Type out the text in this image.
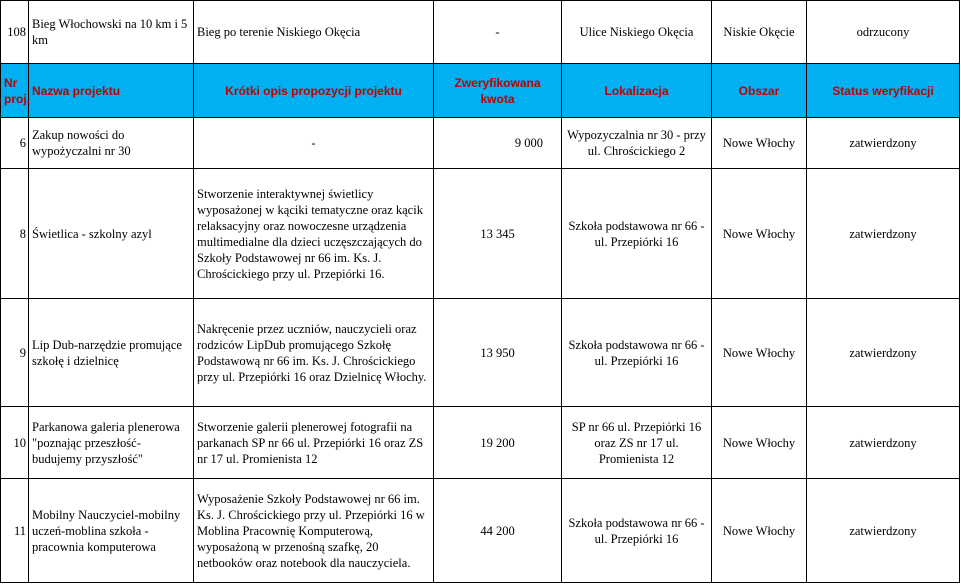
108	Bieg Włochowski na 10 km i 5 km	Bieg po terenie Niskiego Okęcia	-	Ulice Niskiego Okęcia	Niskie Okęcie	odrzucony
Nr proj.	Nazwa projektu	Krótki opis propozycji projektu	Zweryfikowana kwota	Lokalizacja	Obszar	Status weryfikacji
6	Zakup nowości do wypożyczalni nr 30	-	9 000	Wypozyczalnia nr 30 - przy ul. Chrościckiego 2	Nowe Włochy	zatwierdzony
8	Świetlica - szkolny azyl	Stworzenie interaktywnej świetlicy wyposażonej w kąciki tematyczne oraz kącik relaksacyjny oraz nowoczesne urządzenia multimedialne dla dzieci uczęszczających do Szkoły Podstawowej nr 66 im. Ks. J. Chrościckiego przy ul. Przepiórki 16.	13 345	Szkoła podstawowa nr 66 - ul. Przepiórki 16	Nowe Włochy	zatwierdzony
9	Lip Dub-narzędzie promujące szkołę i dzielnicę	Nakręcenie przez uczniów, nauczycieli oraz rodziców LipDub promującego Szkołę Podstawową nr 66 im. Ks. J. Chrościckiego przy ul. Przepiórki 16 oraz Dzielnicę Włochy.	13 950	Szkoła podstawowa nr 66 - ul. Przepiórki 16	Nowe Włochy	zatwierdzony
10	Parkanowa galeria plenerowa "poznając przeszłość-budujemy przyszłość"	Stworzenie galerii plenerowej fotografii na parkanach SP nr 66 ul. Przepiórki 16 oraz ZS nr 17 ul. Promienista 12	19 200	SP nr 66 ul. Przepiórki 16 oraz ZS nr 17 ul. Promienista 12	Nowe Włochy	zatwierdzony
11	Mobilny Nauczyciel-mobilny uczeń-moblina szkoła - pracownia komputerowa	Wyposażenie Szkoły Podstawowej nr 66 im. Ks. J. Chrościckiego przy ul. Przepiórki 16 w Moblina Pracownię Komputerową, wyposażoną w przenośną szafkę, 20 netbooków oraz notebook dla nauczyciela.	44 200	Szkoła podstawowa nr 66 - ul. Przepiórki 16	Nowe Włochy	zatwierdzony
